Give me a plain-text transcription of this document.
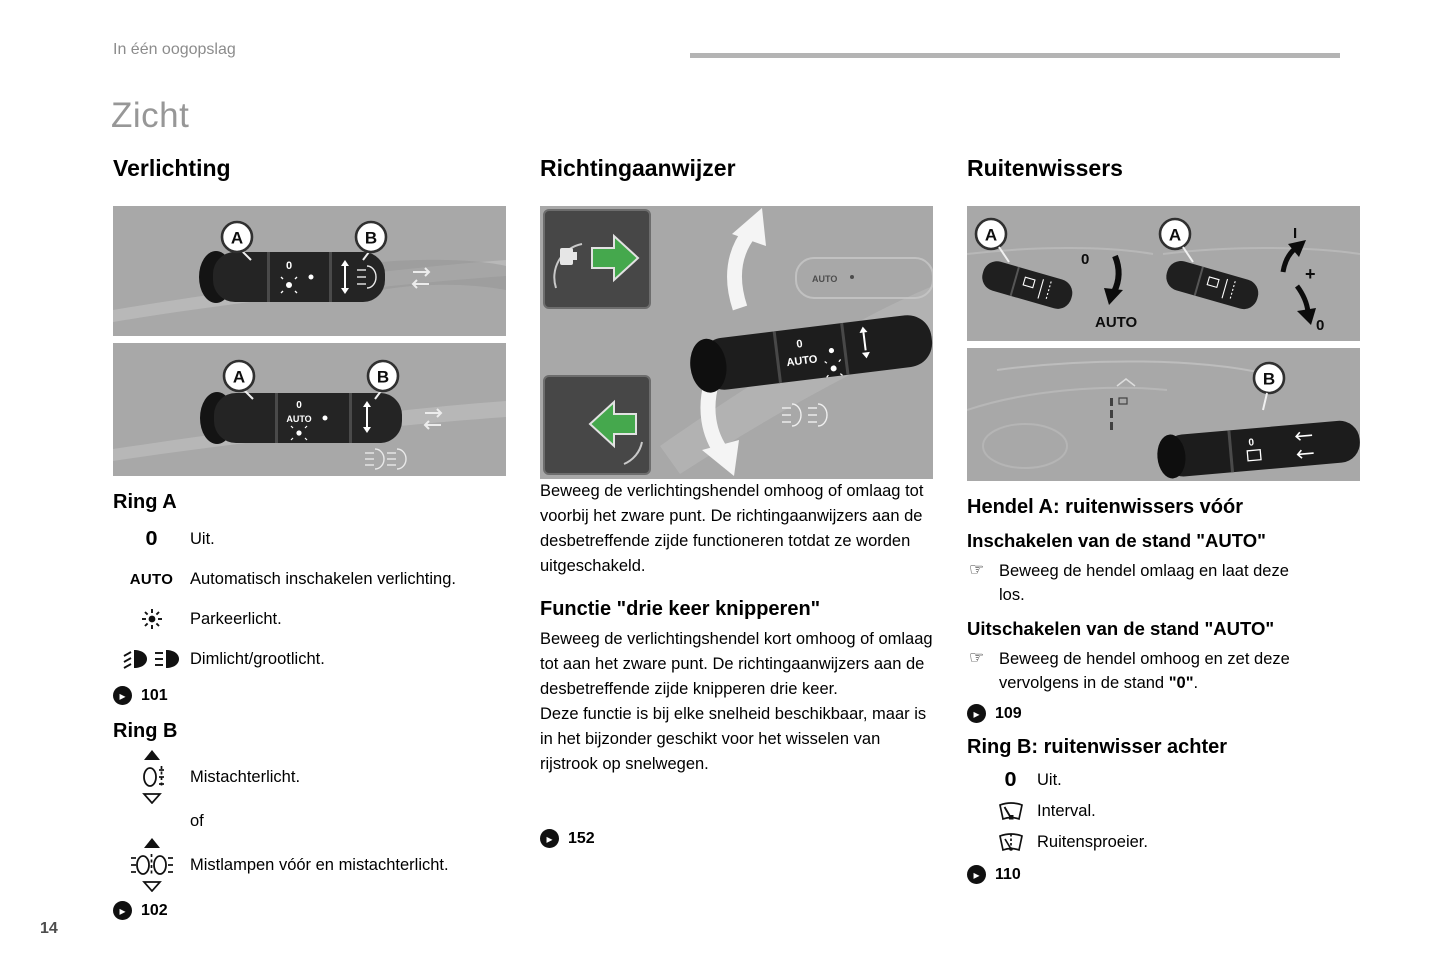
In één oogopslag
Zicht
Verlichting
0
A	B
0
AUTO
A	B
Ring A
0 Uit.
AUTO Automatisch inschakelen verlichting.
Parkeerlicht.
Dimlicht/grootlicht.
▸ 101
Ring B
Mistachterlicht.
of
Mistlampen vóór en mistachterlicht.
▸ 102
Richtingaanwijzer
AUTO
0
AUTO

Beweeg de verlichtingshendel omhoog of omlaag tot voorbij het zware punt. De richtingaanwijzers aan de desbetreffende zijde functioneren totdat ze worden uitgeschakeld.

Functie "drie keer knipperen"

Beweeg de verlichtingshendel kort omhoog of omlaag tot aan het zware punt. De richtingaanwijzers aan de desbetreffende zijde knipperen drie keer.

Deze functie is bij elke snelheid beschikbaar, maar is in het bijzonder geschikt voor het wisselen van rijstrook op snelwegen.

▸ 152
Ruitenwissers
A
0
AUTO
A	I
+
0
B
0
Hendel A: ruitenwissers vóór
Inschakelen van de stand "AUTO"
☞ Beweeg de hendel omlaag en laat deze los.

Uitschakelen van de stand "AUTO"
☞ Beweeg de hendel omhoog en zet deze vervolgens in de stand "0".

▸ 109
Ring B: ruitenwisser achter
0 Uit.
Interval.
Ruitensproeier.
▸ 110
14
